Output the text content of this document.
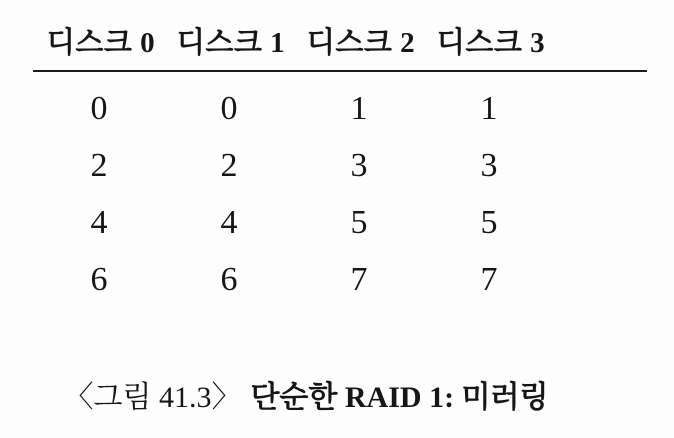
디스크 0 디스크 1 디스크 2 디스크 3
0	0	1	1
2	2	3	3
4	4	5	5
6	6	7	7
〈그림 41.3〉 단순한 RAID 1: 미러링
